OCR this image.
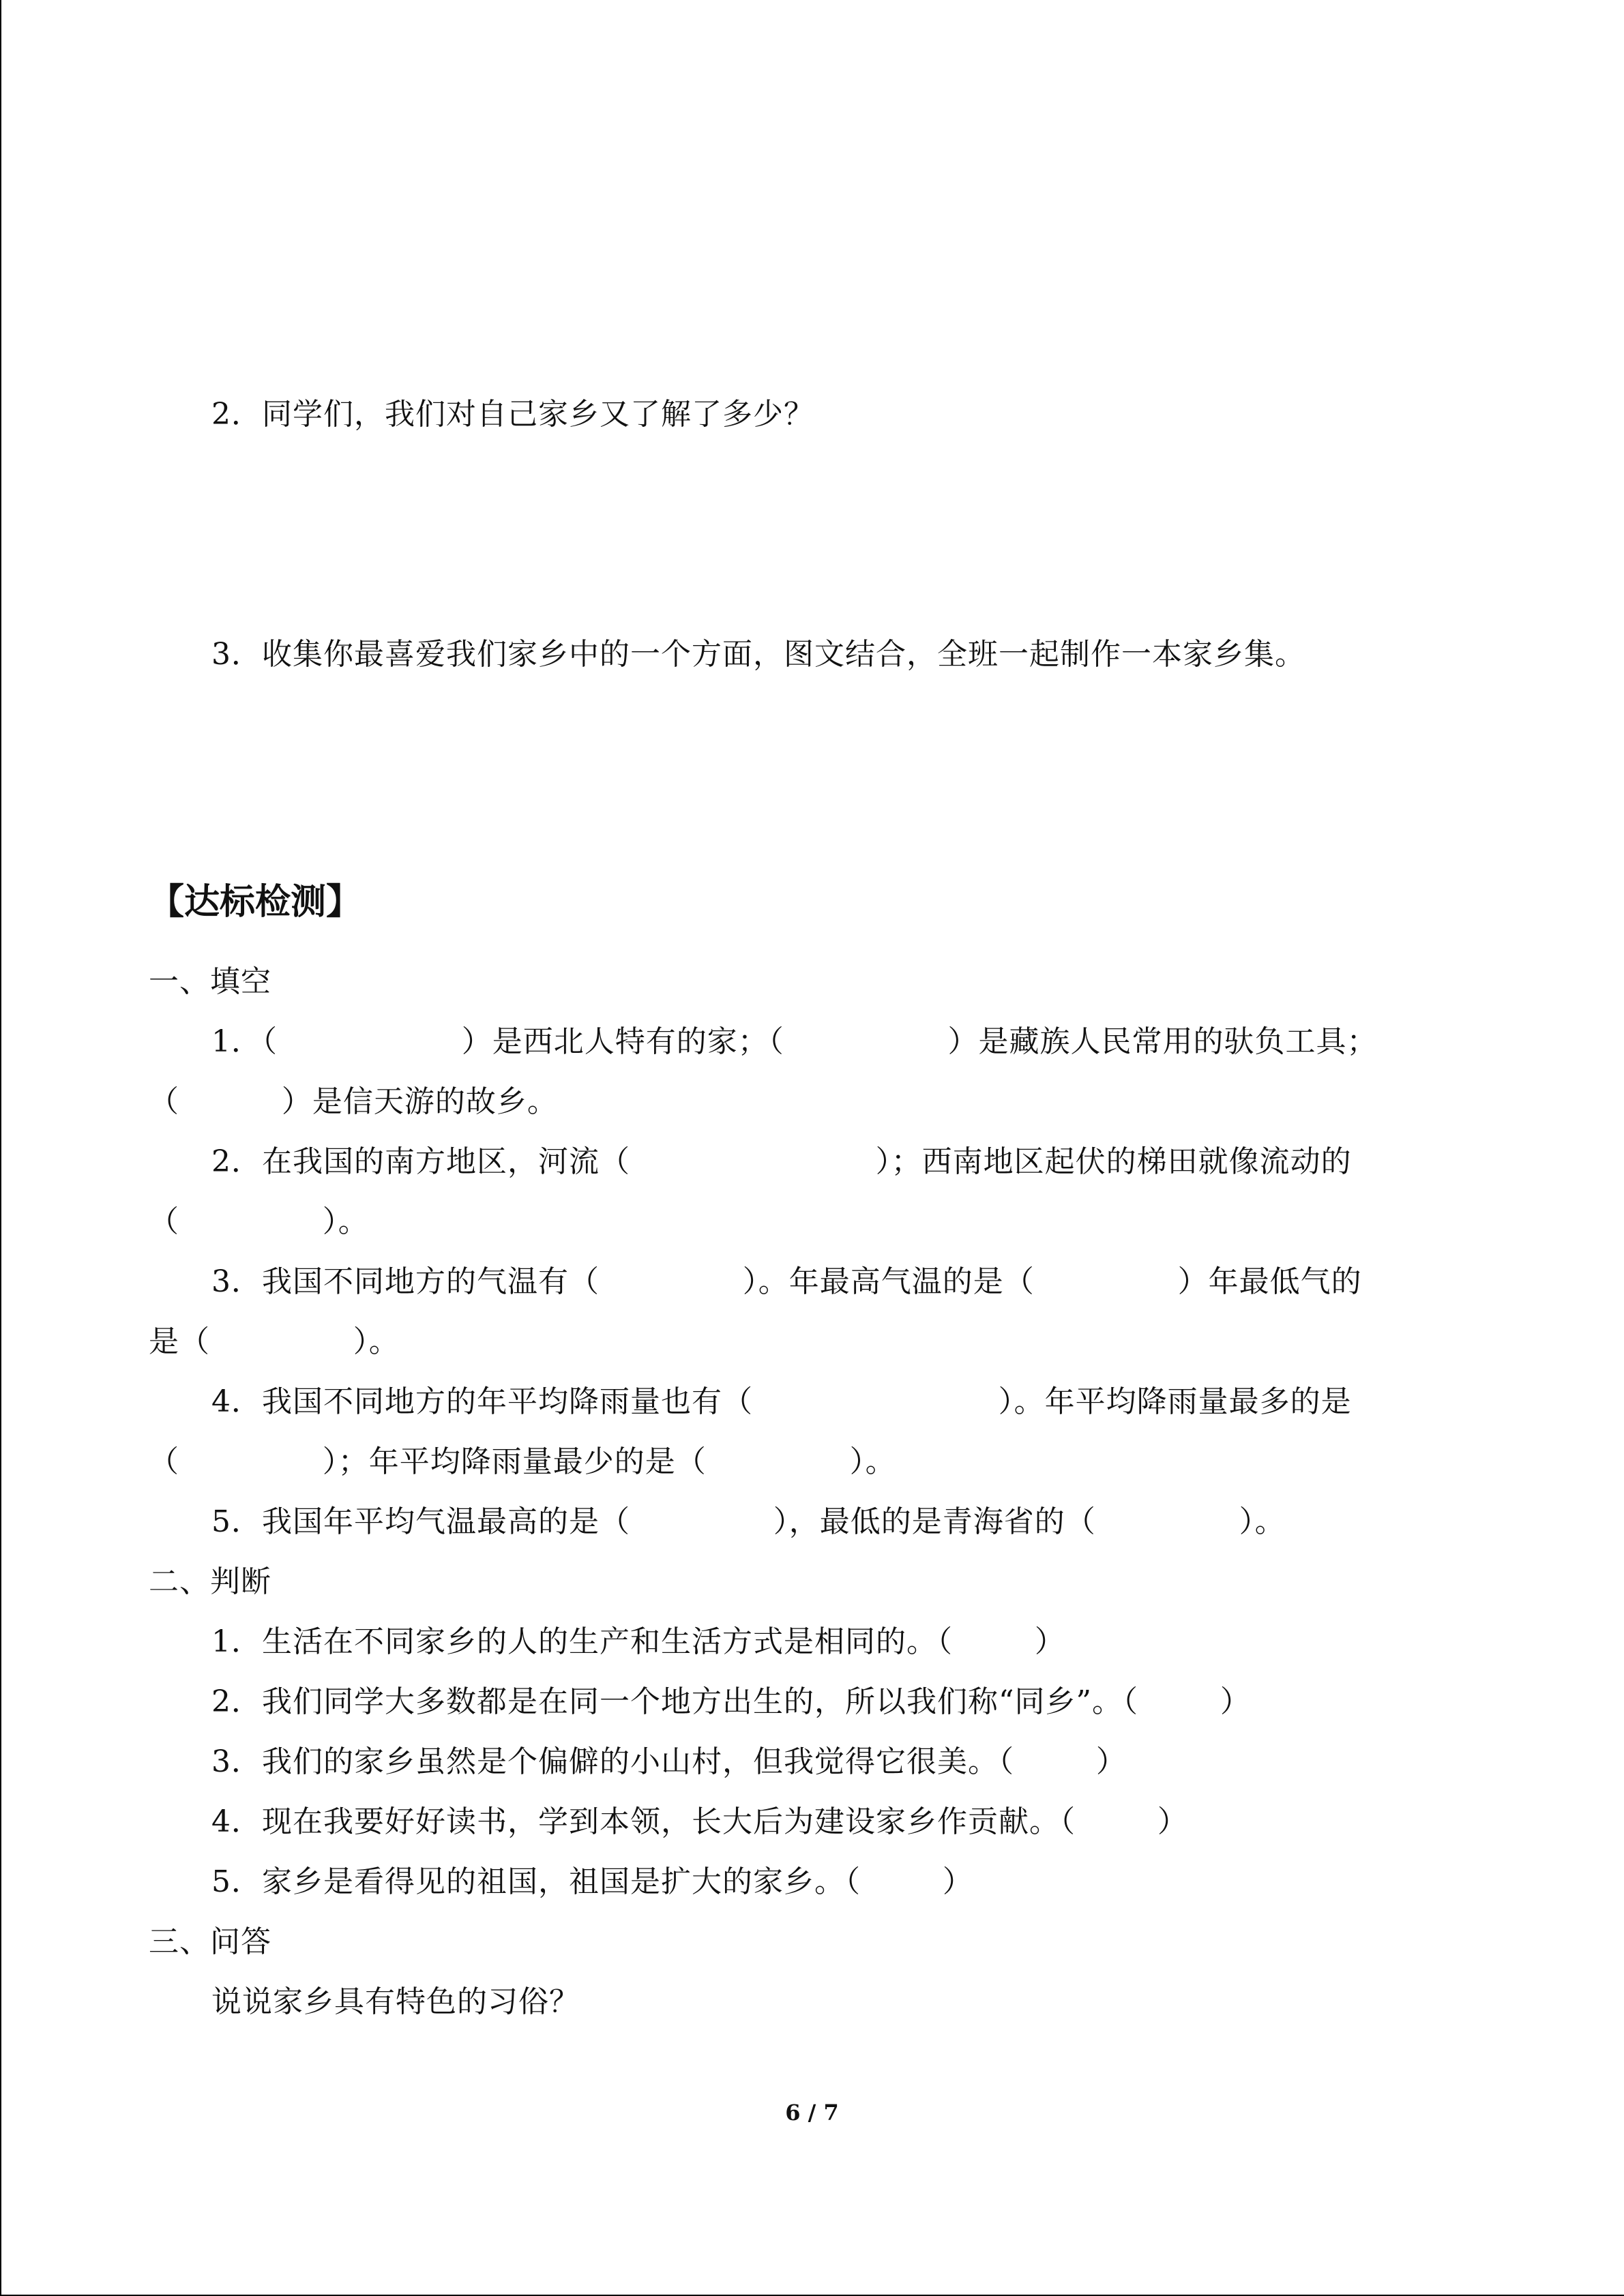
2．同学们，我们对自己家乡又了解了多少？
3．收集你最喜爱我们家乡中的一个方面，图文结合，全班一起制作一本家乡集。
【达标检测】
一、填空
1．（                  ）是西北人特有的家；（                ）是藏族人民常用的驮负工具；
（          ）是信天游的故乡。
2．在我国的南方地区，河流（                        ）；西南地区起伏的梯田就像流动的
（              ）。
3．我国不同地方的气温有（              ）。年最高气温的是（              ）年最低气的
是（              ）。
4．我国不同地方的年平均降雨量也有（                        ）。年平均降雨量最多的是
（              ）；年平均降雨量最少的是（              ）。
5．我国年平均气温最高的是（              ），最低的是青海省的（              ）。
二、判断
1．生活在不同家乡的人的生产和生活方式是相同的。（        ）
2．我们同学大多数都是在同一个地方出生的，所以我们称“同乡”。（        ）
3．我们的家乡虽然是个偏僻的小山村，但我觉得它很美。（        ）
4．现在我要好好读书，学到本领，长大后为建设家乡作贡献。（        ）
5．家乡是看得见的祖国，祖国是扩大的家乡。（        ）
三、问答
说说家乡具有特色的习俗？
6 / 7
